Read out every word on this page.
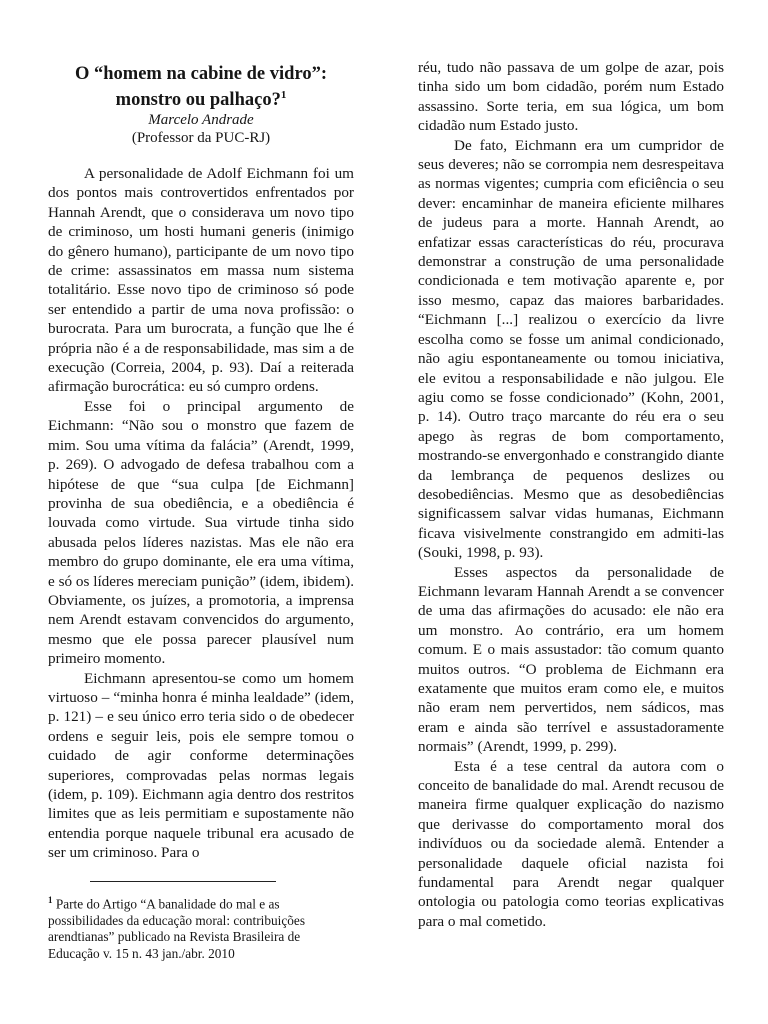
O “homem na cabine de vidro”: monstro ou palhaço?$^1$
Marcelo Andrade
(Professor da PUC-RJ)

A personalidade de Adolf Eichmann foi um dos pontos mais controvertidos enfrentados por Hannah Arendt, que o considerava um novo tipo de criminoso, um hosti humani generis (inimigo do gênero humano), participante de um novo tipo de crime: assassinatos em massa num sistema totalitário. Esse novo tipo de criminoso só pode ser entendido a partir de uma nova profissão: o burocrata. Para um burocrata, a função que lhe é própria não é a de responsabilidade, mas sim a de execução (Correia, 2004, p. 93). Daí a reiterada afirmação burocrática: eu só cumpro ordens.

Esse foi o principal argumento de Eichmann: “Não sou o monstro que fazem de mim. Sou uma vítima da falácia” (Arendt, 1999, p. 269). O advogado de defesa trabalhou com a hipótese de que “sua culpa [de Eichmann] provinha de sua obediência, e a obediência é louvada como virtude. Sua virtude tinha sido abusada pelos líderes nazistas. Mas ele não era membro do grupo dominante, ele era uma vítima, e só os líderes mereciam punição” (idem, ibidem). Obviamente, os juízes, a promotoria, a imprensa nem Arendt estavam convencidos do argumento, mesmo que ele possa parecer plausível num primeiro momento.

Eichmann apresentou-se como um homem virtuoso – “minha honra é minha lealdade” (idem, p. 121) – e seu único erro teria sido o de obedecer ordens e seguir leis, pois ele sempre tomou o cuidado de agir conforme determinações superiores, comprovadas pelas normas legais (idem, p. 109). Eichmann agia dentro dos restritos limites que as leis permitiam e supostamente não entendia porque naquele tribunal era acusado de ser um criminoso. Para o

$^1$ Parte do Artigo “A banalidade do mal e as possibilidades da educação moral: contribuições arendtianas” publicado na Revista Brasileira de Educação v. 15 n. 43 jan./abr. 2010

réu, tudo não passava de um golpe de azar, pois tinha sido um bom cidadão, porém num Estado assassino. Sorte teria, em sua lógica, um bom cidadão num Estado justo.

De fato, Eichmann era um cumpridor de seus deveres; não se corrompia nem desrespeitava as normas vigentes; cumpria com eficiência o seu dever: encaminhar de maneira eficiente milhares de judeus para a morte. Hannah Arendt, ao enfatizar essas características do réu, procurava demonstrar a construção de uma personalidade condicionada e tem motivação aparente e, por isso mesmo, capaz das maiores barbaridades. “Eichmann [...] realizou o exercício da livre escolha como se fosse um animal condicionado, não agiu espontaneamente ou tomou iniciativa, ele evitou a responsabilidade e não julgou. Ele agiu como se fosse condicionado” (Kohn, 2001, p. 14). Outro traço marcante do réu era o seu apego às regras de bom comportamento, mostrando-se envergonhado e constrangido diante da lembrança de pequenos deslizes ou desobediências. Mesmo que as desobediências significassem salvar vidas humanas, Eichmann ficava visivelmente constrangido em admiti-las (Souki, 1998, p. 93).

Esses aspectos da personalidade de Eichmann levaram Hannah Arendt a se convencer de uma das afirmações do acusado: ele não era um monstro. Ao contrário, era um homem comum. E o mais assustador: tão comum quanto muitos outros. “O problema de Eichmann era exatamente que muitos eram como ele, e muitos não eram nem pervertidos, nem sádicos, mas eram e ainda são terrível e assustadoramente normais” (Arendt, 1999, p. 299).

Esta é a tese central da autora com o conceito de banalidade do mal. Arendt recusou de maneira firme qualquer explicação do nazismo que derivasse do comportamento moral dos indivíduos ou da sociedade alemã. Entender a personalidade daquele oficial nazista foi fundamental para Arendt negar qualquer ontologia ou patologia como teorias explicativas para o mal cometido.
